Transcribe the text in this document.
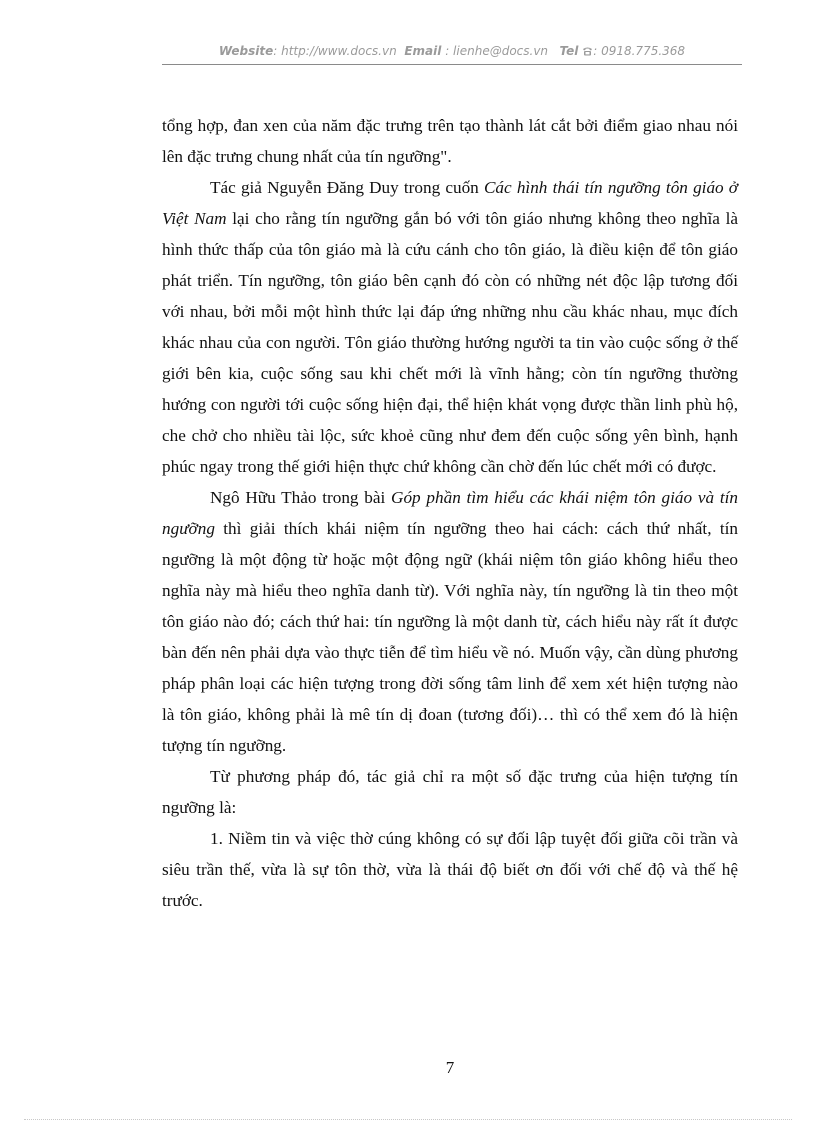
Website: http://www.docs.vn Email : lienhe@docs.vn Tel : 0918.775.368

tổng hợp, đan xen của năm đặc trưng trên tạo thành lát cắt bởi điểm giao nhau nói lên đặc trưng chung nhất của tín ngưỡng".

Tác giả Nguyễn Đăng Duy trong cuốn Các hình thái tín ngưỡng tôn giáo ở Việt Nam lại cho rằng tín ngưỡng gắn bó với tôn giáo nhưng không theo nghĩa là hình thức thấp của tôn giáo mà là cứu cánh cho tôn giáo, là điều kiện để tôn giáo phát triển. Tín ngưỡng, tôn giáo bên cạnh đó còn có những nét độc lập tương đối với nhau, bởi mỗi một hình thức lại đáp ứng những nhu cầu khác nhau, mục đích khác nhau của con người. Tôn giáo thường hướng người ta tin vào cuộc sống ở thế giới bên kia, cuộc sống sau khi chết mới là vĩnh hằng; còn tín ngưỡng thường hướng con người tới cuộc sống hiện đại, thể hiện khát vọng được thần linh phù hộ, che chở cho nhiều tài lộc, sức khoẻ cũng như đem đến cuộc sống yên bình, hạnh phúc ngay trong thế giới hiện thực chứ không cần chờ đến lúc chết mới có được.

Ngô Hữu Thảo trong bài Góp phần tìm hiểu các khái niệm tôn giáo và tín ngưỡng thì giải thích khái niệm tín ngưỡng theo hai cách: cách thứ nhất, tín ngưỡng là một động từ hoặc một động ngữ (khái niệm tôn giáo không hiểu theo nghĩa này mà hiểu theo nghĩa danh từ). Với nghĩa này, tín ngưỡng là tin theo một tôn giáo nào đó; cách thứ hai: tín ngưỡng là một danh từ, cách hiểu này rất ít được bàn đến nên phải dựa vào thực tiễn để tìm hiểu về nó. Muốn vậy, cần dùng phương pháp phân loại các hiện tượng trong đời sống tâm linh để xem xét hiện tượng nào là tôn giáo, không phải là mê tín dị đoan (tương đối)… thì có thể xem đó là hiện tượng tín ngưỡng.

Từ phương pháp đó, tác giả chỉ ra một số đặc trưng của hiện tượng tín ngưỡng là:

1. Niềm tin và việc thờ cúng không có sự đối lập tuyệt đối giữa cõi trần và siêu trần thế, vừa là sự tôn thờ, vừa là thái độ biết ơn đối với chế độ và thế hệ trước.

7
